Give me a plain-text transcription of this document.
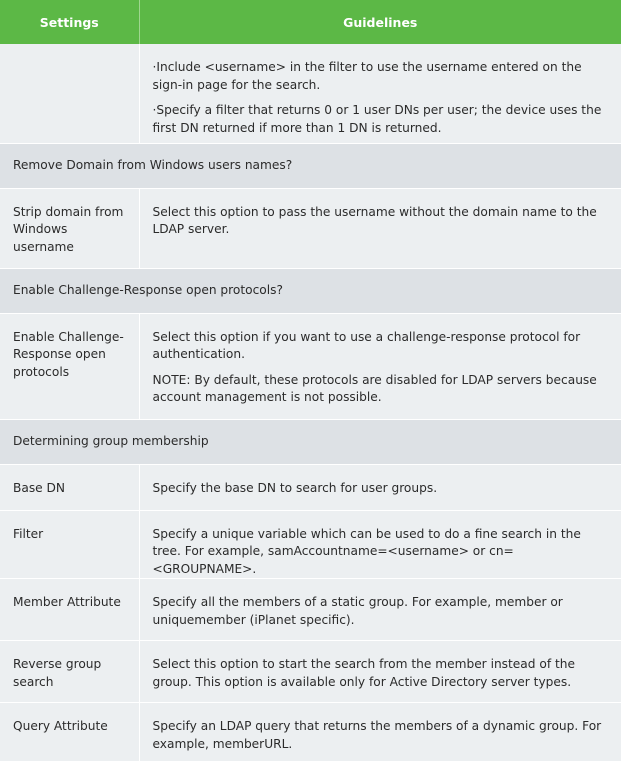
Settings	Guidelines

	·Include <username> in the filter to use the username entered on the sign-in page for the search.

·Specify a filter that returns 0 or 1 user DNs per user; the device uses the first DN returned if more than 1 DN is returned.

Remove Domain from Windows users names?	
Strip domain from Windows username	Select this option to pass the username without the domain name to the LDAP server.

Enable Challenge-Response open protocols?	
Enable Challenge-Response open protocols	Select this option if you want to use a challenge-response protocol for authentication.

NOTE: By default, these protocols are disabled for LDAP servers because account management is not possible.

Determining group membership	
Base DN	Specify the base DN to search for user groups.

Filter	Specify a unique variable which can be used to do a fine search in the tree. For example, samAccountname=<username> or cn=<GROUPNAME>.

Member Attribute	Specify all the members of a static group. For example, member or uniquemember (iPlanet specific).

Reverse group search	Select this option to start the search from the member instead of the group. This option is available only for Active Directory server types.

Query Attribute	Specify an LDAP query that returns the members of a dynamic group. For example, memberURL.
